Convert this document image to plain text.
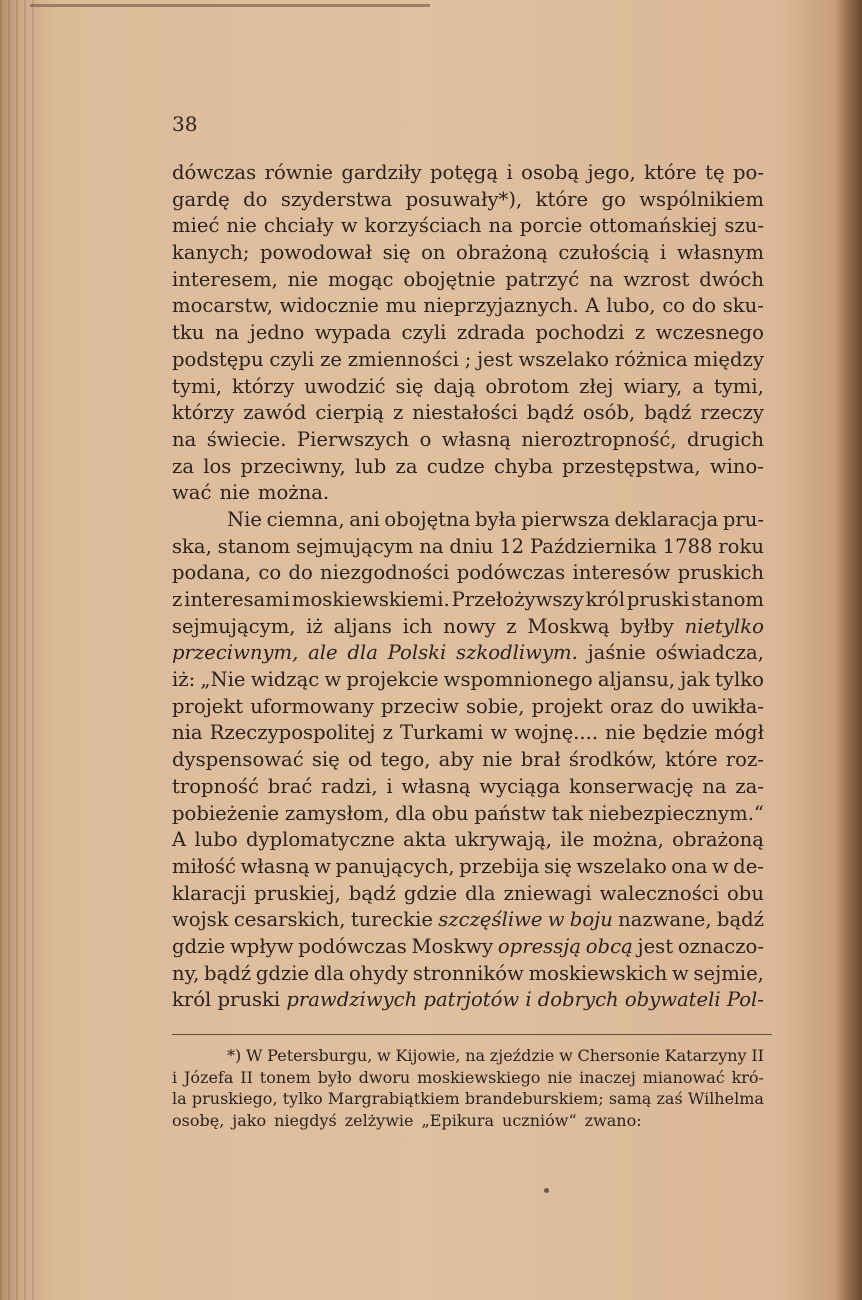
38
dówczas równie gardziły potęgą i osobą jego, które tę po-
gardę do szyderstwa posuwały*), które go wspólnikiem
mieć nie chciały w korzyściach na porcie ottomańskiej szu-
kanych; powodował się on obrażoną czułością i własnym
interesem, nie mogąc obojętnie patrzyć na wzrost dwóch
mocarstw, widocznie mu nieprzyjaznych. A lubo, co do sku-
tku na jedno wypada czyli zdrada pochodzi z wczesnego
podstępu czyli ze zmienności ; jest wszelako różnica między
tymi, którzy uwodzić się dają obrotom złej wiary, a tymi,
którzy zawód cierpią z niestałości bądź osób, bądź rzeczy
na świecie. Pierwszych o własną nieroztropność, drugich
za los przeciwny, lub za cudze chyba przestępstwa, wino-
wać nie można.
Nie ciemna, ani obojętna była pierwsza deklaracja pru-
ska, stanom sejmującym na dniu 12 Października 1788 roku
podana, co do niezgodności podówczas interesów pruskich
z interesami moskiewskiemi. Przełożywszy król pruski stanom
sejmującym, iż aljans ich nowy z Moskwą byłby nietylko
przeciwnym, ale dla Polski szkodliwym. jaśnie oświadcza,
iż: „Nie widząc w projekcie wspomnionego aljansu, jak tylko
projekt uformowany przeciw sobie, projekt oraz do uwikła-
nia Rzeczypospolitej z Turkami w wojnę.... nie będzie mógł
dyspensować się od tego, aby nie brał środków, które roz-
tropność brać radzi, i własną wyciąga konserwację na za-
pobieżenie zamysłom, dla obu państw tak niebezpiecznym.“
A lubo dyplomatyczne akta ukrywają, ile można, obrażoną
miłość własną w panujących, przebija się wszelako ona w de-
klaracji pruskiej, bądź gdzie dla zniewagi waleczności obu
wojsk cesarskich, tureckie szczęśliwe w boju nazwane, bądź
gdzie wpływ podówczas Moskwy opressją obcą jest oznaczo-
ny, bądź gdzie dla ohydy stronników moskiewskich w sejmie,
król pruski prawdziwych patrjotów i dobrych obywateli Pol-
*) W Petersburgu, w Kijowie, na zjeździe w Chersonie Katarzyny II
i Józefa II tonem było dworu moskiewskiego nie inaczej mianować kró-
la pruskiego, tylko Margrabiątkiem brandeburskiem; samą zaś Wilhelma
osobę, jako niegdyś zelżywie „Epikura uczniów“ zwano:
